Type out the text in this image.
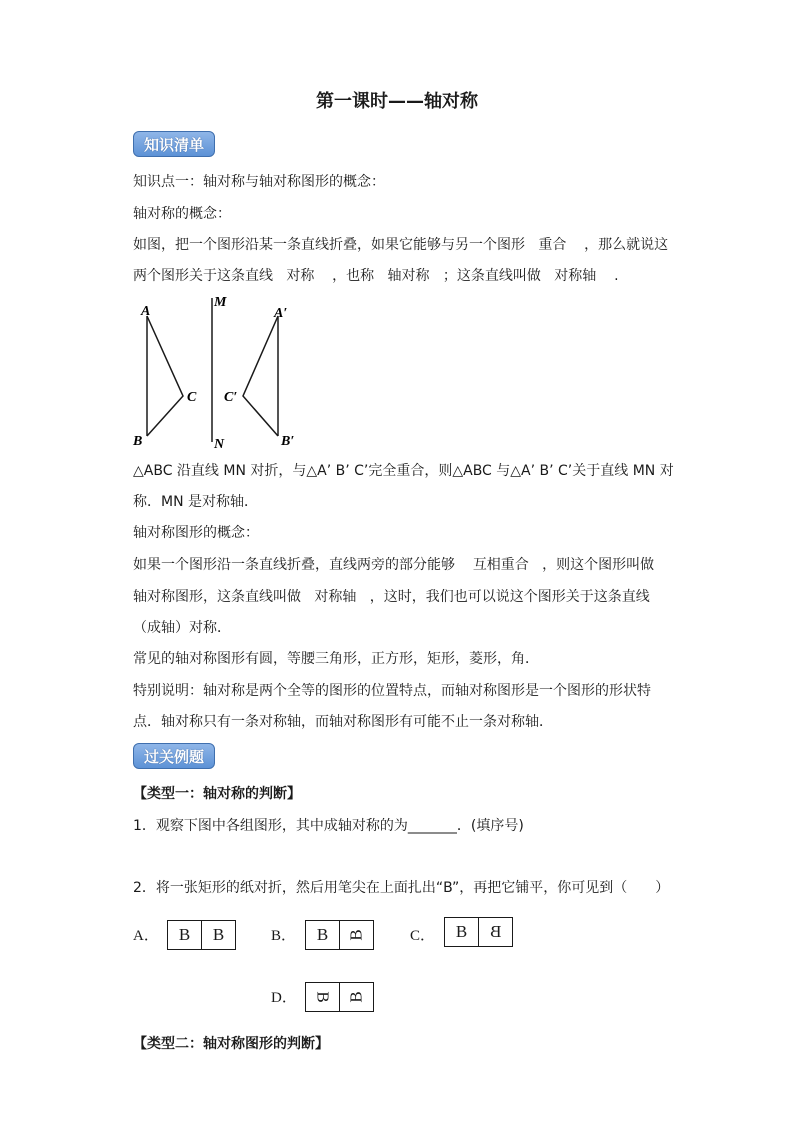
第一课时——轴对称
知识清单
知识点一：轴对称与轴对称图形的概念：
轴对称的概念：
如图，把一个图形沿某一条直线折叠，如果它能够与另一个图形 重合 ，那么就说这
两个图形关于这条直线 对称 ，也称 轴对称 ；这条直线叫做 对称轴 .
A
B
C
M
N
A′
C′
B′
△ABC 沿直线 MN 对折，与△A’ B’ C’完全重合，则△ABC 与△A’ B’ C’关于直线 MN 对
称．MN 是对称轴．
轴对称图形的概念：
如果一个图形沿一条直线折叠，直线两旁的部分能够 互相重合 ，则这个图形叫做
轴对称图形，这条直线叫做 对称轴 ，这时，我们也可以说这个图形关于这条直线
（成轴）对称．
常见的轴对称图形有圆，等腰三角形，正方形，矩形，菱形，角．
特别说明：轴对称是两个全等的图形的位置特点，而轴对称图形是一个图形的形状特
点．轴对称只有一条对称轴，而轴对称图形有可能不止一条对称轴．
过关例题
【类型一：轴对称的判断】
1．观察下图中各组图形，其中成轴对称的为_______．(填序号)
2．将一张矩形的纸对折，然后用笔尖在上面扎出“B”，再把它铺平，你可见到（　　）
A． B B	B． B B	C． B B
D． B B
【类型二：轴对称图形的判断】
